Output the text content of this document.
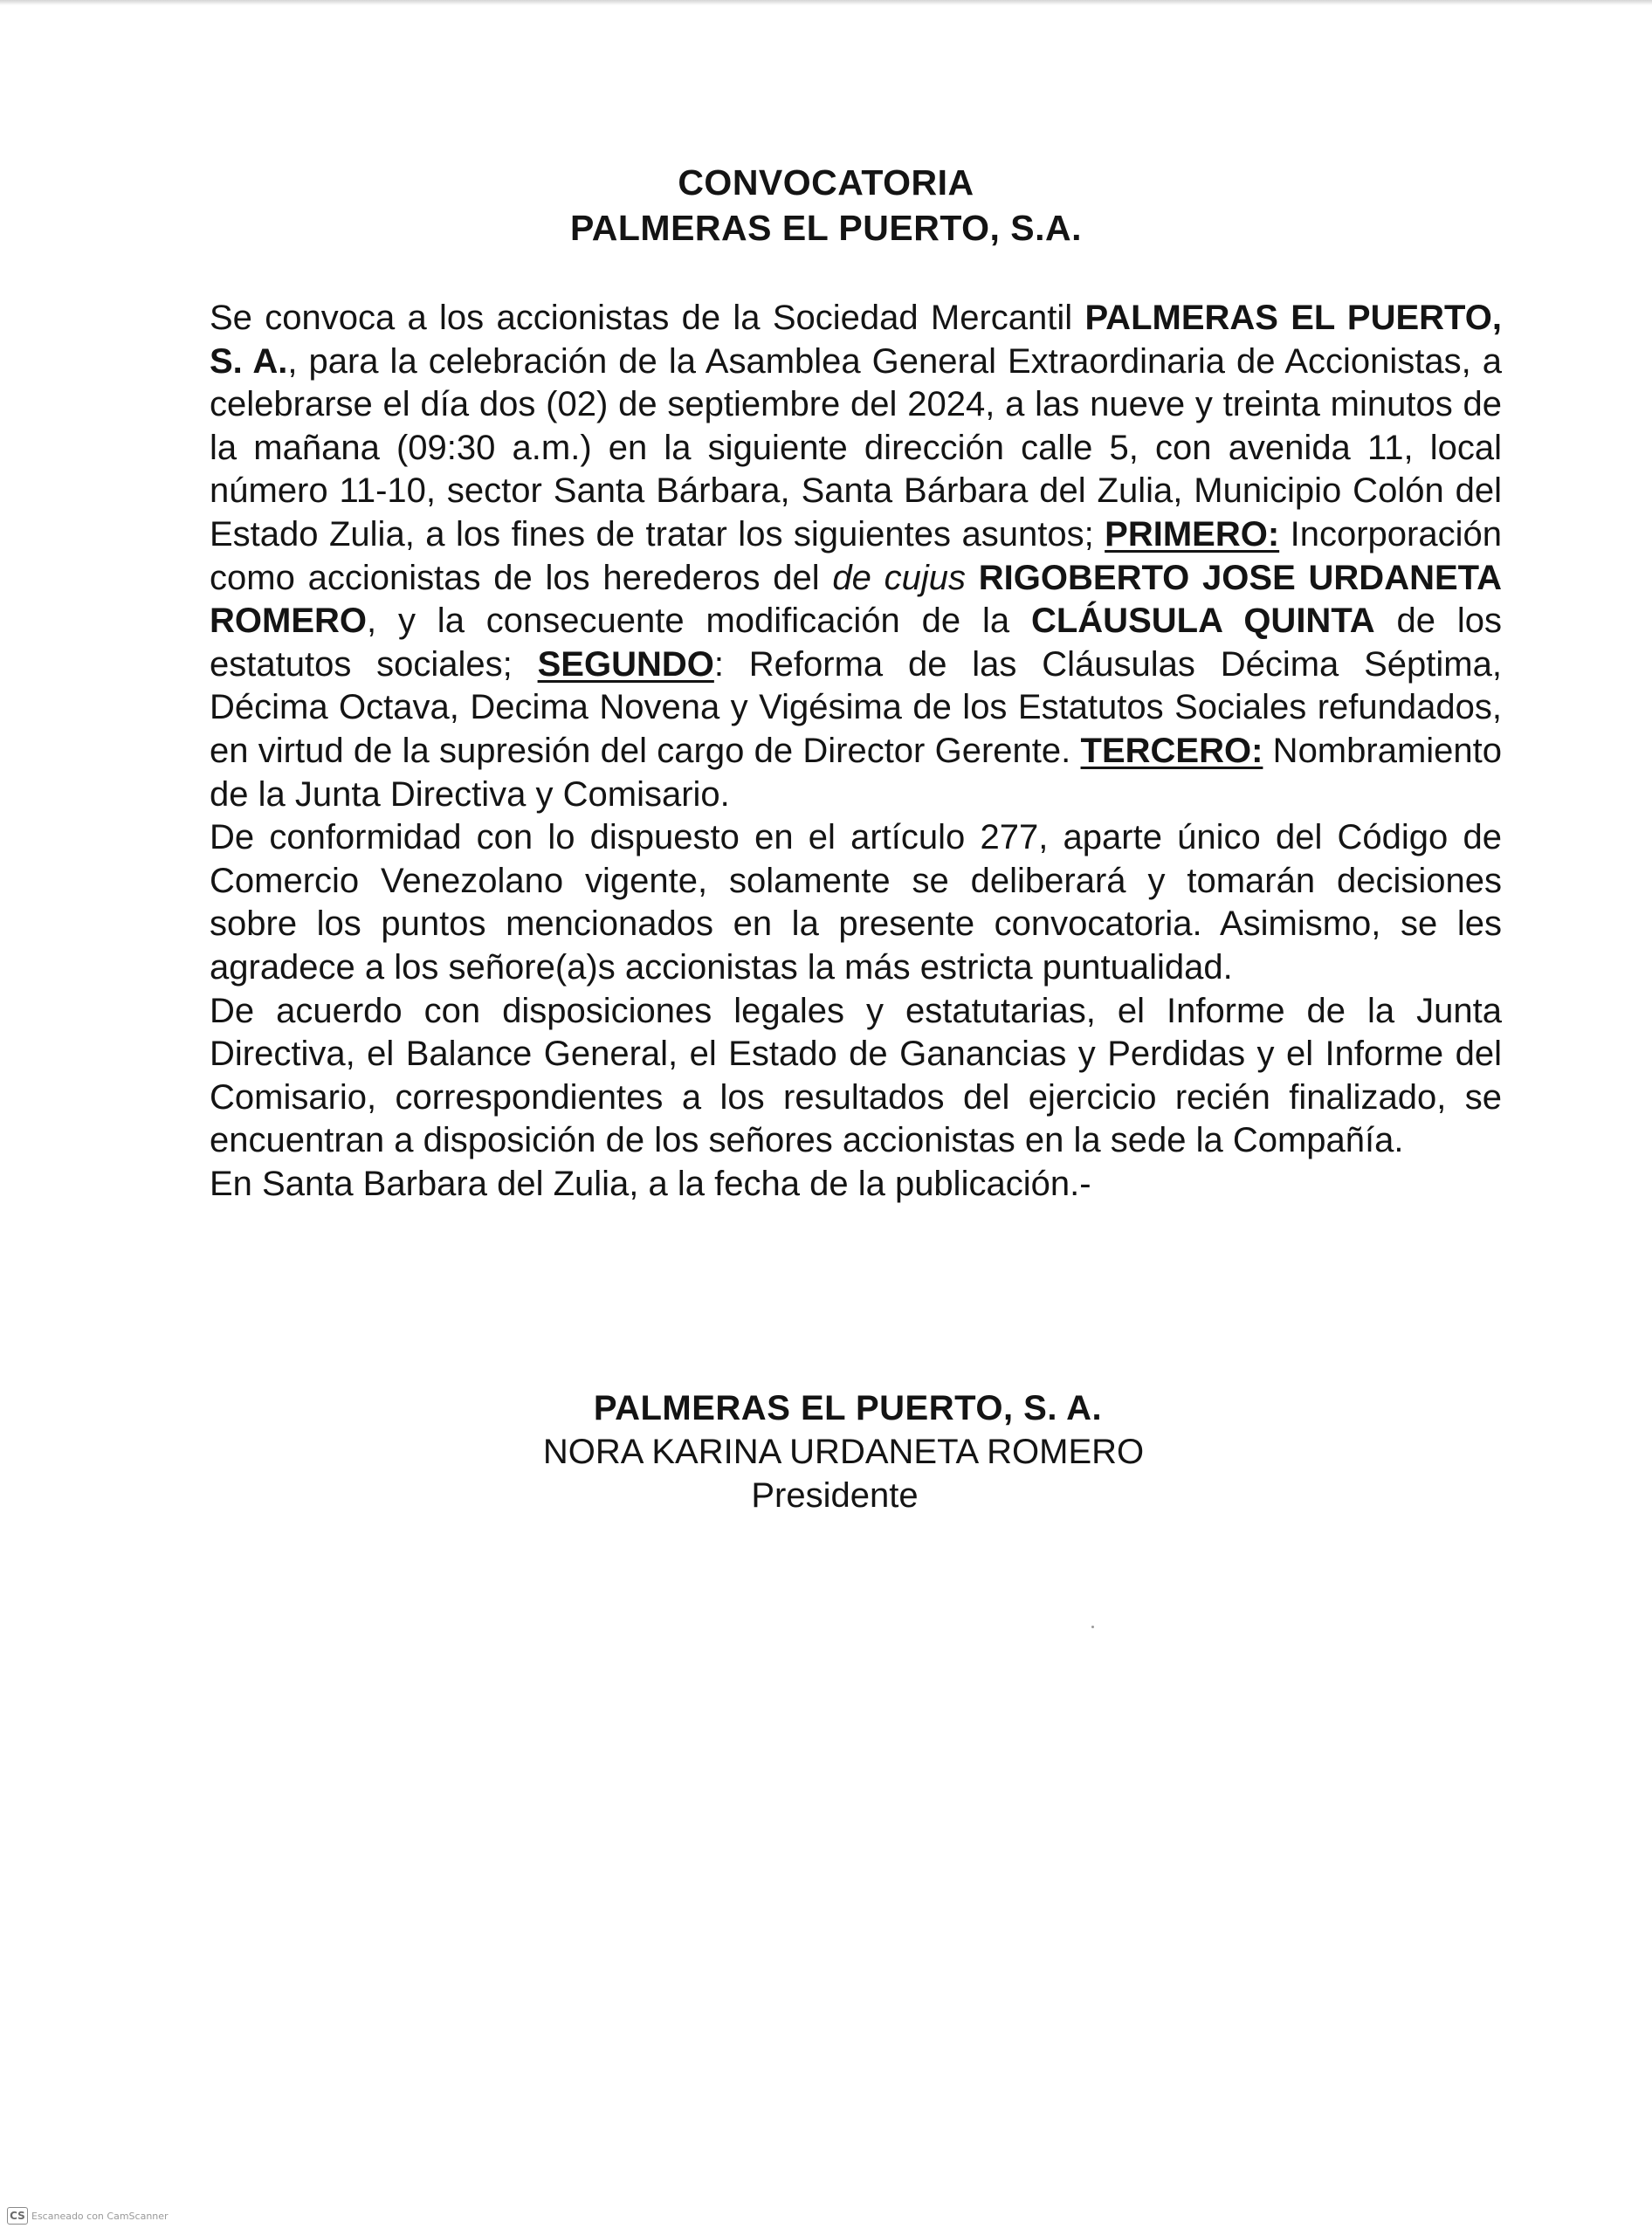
CONVOCATORIA
PALMERAS EL PUERTO, S.A.

Se convoca a los accionistas de la Sociedad Mercantil PALMERAS EL PUERTO, S. A., para la celebración de la Asamblea General Extraordinaria de Accionistas, a celebrarse el día dos (02) de septiembre del 2024, a las nueve y treinta minutos de la mañana (09:30 a.m.) en la siguiente dirección calle 5, con avenida 11, local número 11-10, sector Santa Bárbara, Santa Bárbara del Zulia, Municipio Colón del Estado Zulia, a los fines de tratar los siguientes asuntos; PRIMERO: Incorporación como accionistas de los herederos del de cujus RIGOBERTO JOSE URDANETA ROMERO, y la consecuente modificación de la CLÁUSULA QUINTA de los estatutos sociales; SEGUNDO: Reforma de las Cláusulas Décima Séptima, Décima Octava, Decima Novena y Vigésima de los Estatutos Sociales refundados, en virtud de la supresión del cargo de Director Gerente. TERCERO: Nombramiento de la Junta Directiva y Comisario.

De conformidad con lo dispuesto en el artículo 277, aparte único del Código de Comercio Venezolano vigente, solamente se deliberará y tomarán decisiones sobre los puntos mencionados en la presente convocatoria. Asimismo, se les agradece a los señore(a)s accionistas la más estricta puntualidad.

De acuerdo con disposiciones legales y estatutarias, el Informe de la Junta Directiva, el Balance General, el Estado de Ganancias y Perdidas y el Informe del Comisario, correspondientes a los resultados del ejercicio recién finalizado, se encuentran a disposición de los señores accionistas en la sede la Compañía.

En Santa Barbara del Zulia, a la fecha de la publicación.-

PALMERAS EL PUERTO, S. A.

NORA KARINA URDANETA ROMERO

Presidente

CS Escaneado con CamScanner
